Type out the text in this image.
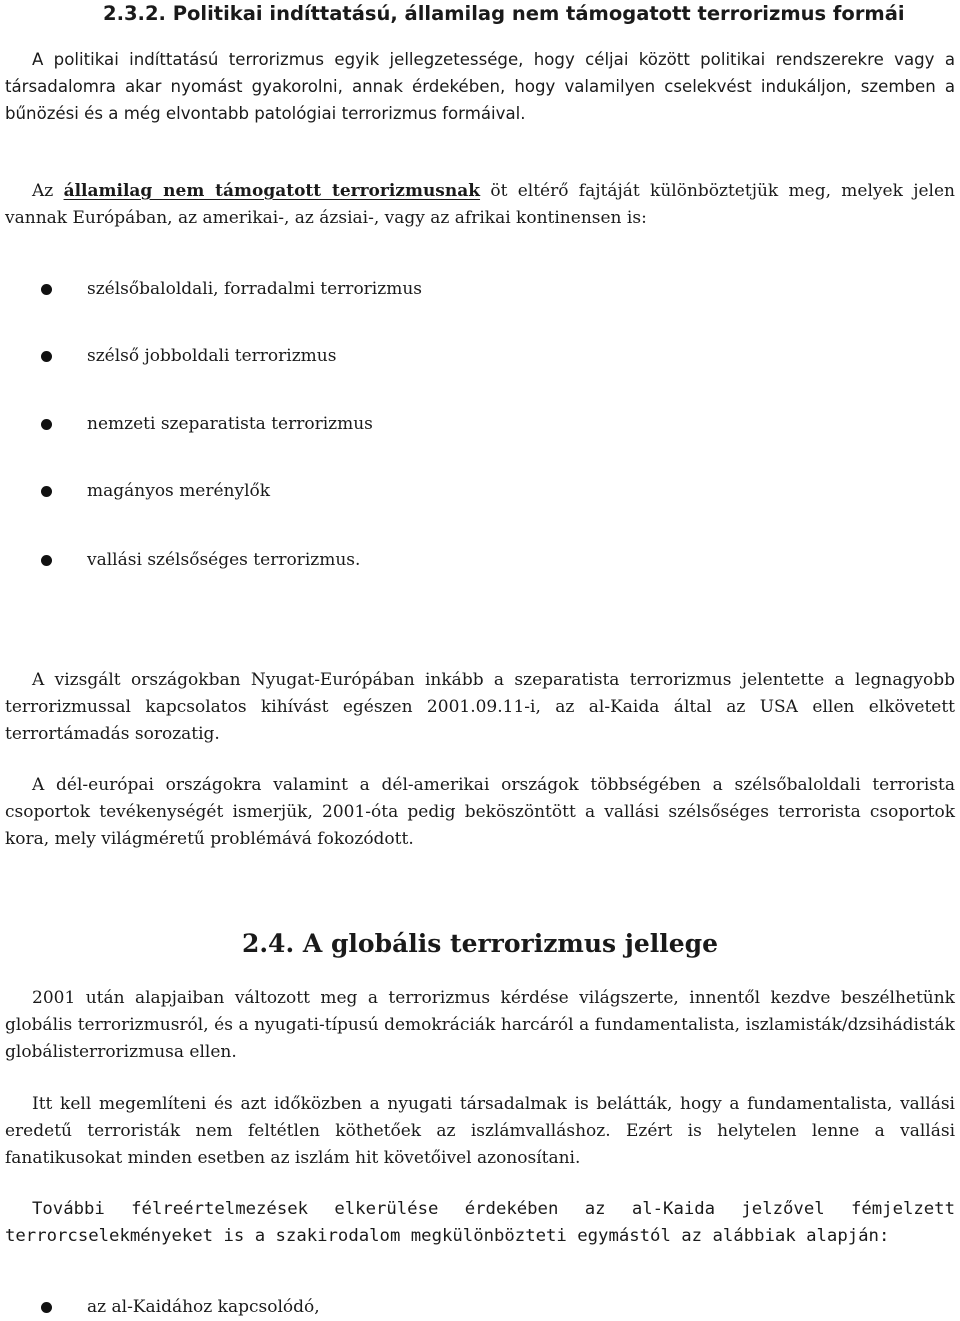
2.3.2. Politikai indíttatású, államilag nem támogatott terrorizmus formái

A politikai indíttatású terrorizmus egyik jellegzetessége, hogy céljai között politikai rendszerekre vagy a társadalomra akar nyomást gyakorolni, annak érdekében, hogy valamilyen cselekvést indukáljon, szemben a bűnözési és a még elvontabb patológiai terrorizmus formáival.

Az államilag nem támogatott terrorizmusnak öt eltérő fajtáját különböztetjük meg, melyek jelen vannak Európában, az amerikai-, az ázsiai-, vagy az afrikai kontinensen is:

szélsőbaloldali, forradalmi terrorizmus
szélső jobboldali terrorizmus
nemzeti szeparatista terrorizmus
magányos merénylők
vallási szélsőséges terrorizmus.

A vizsgált országokban Nyugat-Európában inkább a szeparatista terrorizmus jelentette a legnagyobb terrorizmussal kapcsolatos kihívást egészen 2001.09.11-i, az al-Kaida által az USA ellen elkövetett terrortámadás sorozatig.

A dél-európai országokra valamint a dél-amerikai országok többségében a szélsőbaloldali terrorista csoportok tevékenységét ismerjük, 2001-óta pedig beköszöntött a vallási szélsőséges terrorista csoportok kora, mely világméretű problémává fokozódott.

2.4. A globális terrorizmus jellege

2001 után alapjaiban változott meg a terrorizmus kérdése világszerte, innentől kezdve beszélhetünk globális terrorizmusról, és a nyugati-típusú demokráciák harcáról a fundamentalista, iszlamisták/dzsihádisták globálisterrorizmusa ellen.

Itt kell megemlíteni és azt időközben a nyugati társadalmak is belátták, hogy a fundamentalista, vallási eredetű terroristák nem feltétlen köthetőek az iszlámvalláshoz. Ezért is helytelen lenne a vallási fanatikusokat minden esetben az iszlám hit követőivel azonosítani.

További félreértelmezések elkerülése érdekében az al-Kaida jelzővel fémjelzett terrorcselekményeket is a szakirodalom megkülönbözteti egymástól az alábbiak alapján:

az al-Kaidához kapcsolódó,
